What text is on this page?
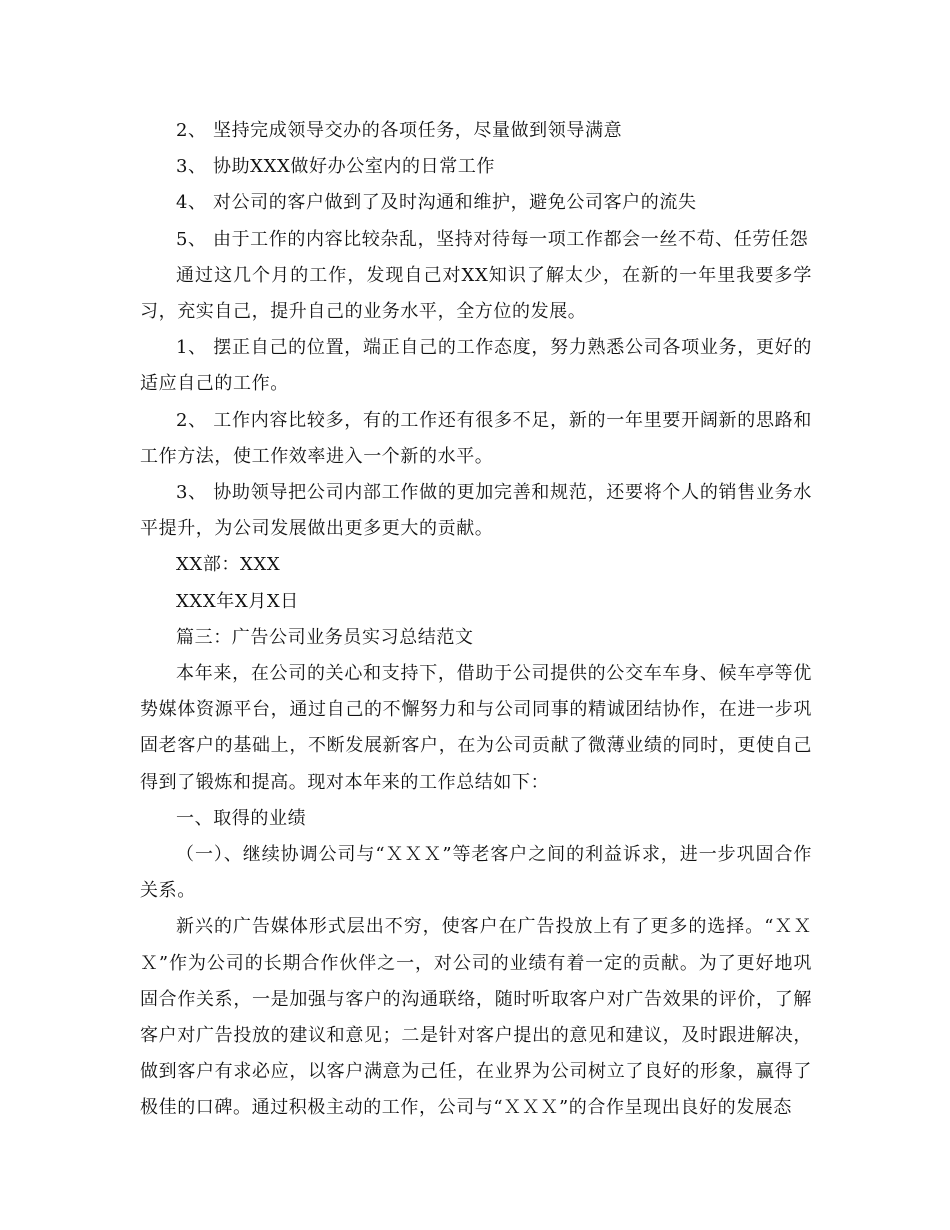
2、 坚持完成领导交办的各项任务，尽量做到领导满意

3、 协助XXX做好办公室内的日常工作

4、 对公司的客户做到了及时沟通和维护，避免公司客户的流失

5、 由于工作的内容比较杂乱，坚持对待每一项工作都会一丝不苟、任劳任怨

通过这几个月的工作，发现自己对XX知识了解太少，在新的一年里我要多学习，充实自己，提升自己的业务水平，全方位的发展。

1、 摆正自己的位置，端正自己的工作态度，努力熟悉公司各项业务，更好的适应自己的工作。

2、 工作内容比较多，有的工作还有很多不足，新的一年里要开阔新的思路和工作方法，使工作效率进入一个新的水平。

3、 协助领导把公司内部工作做的更加完善和规范，还要将个人的销售业务水平提升，为公司发展做出更多更大的贡献。

XX部：XXX

XXX年X月X日

篇三：广告公司业务员实习总结范文

本年来，在公司的关心和支持下，借助于公司提供的公交车车身、候车亭等优势媒体资源平台，通过自己的不懈努力和与公司同事的精诚团结协作，在进一步巩固老客户的基础上，不断发展新客户，在为公司贡献了微薄业绩的同时，更使自己得到了锻炼和提高。现对本年来的工作总结如下：

一、取得的业绩

（一）、继续协调公司与“ＸＸＸ”等老客户之间的利益诉求，进一步巩固合作关系。

新兴的广告媒体形式层出不穷，使客户在广告投放上有了更多的选择。“ＸＸＸ”作为公司的长期合作伙伴之一，对公司的业绩有着一定的贡献。为了更好地巩固合作关系，一是加强与客户的沟通联络，随时听取客户对广告效果的评价，了解客户对广告投放的建议和意见；二是针对客户提出的意见和建议，及时跟进解决，做到客户有求必应，以客户满意为己任，在业界为公司树立了良好的形象，赢得了极佳的口碑。通过积极主动的工作，公司与“ＸＸＸ”的合作呈现出良好的发展态
